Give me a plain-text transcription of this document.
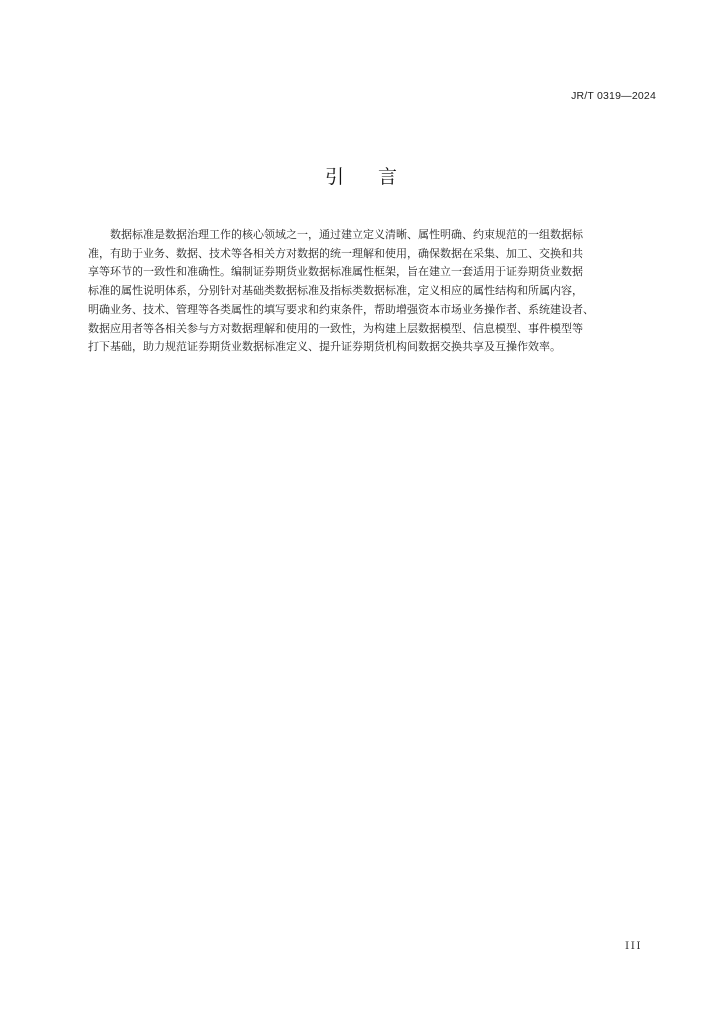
JR/T 0319—2024
引 言
数据标准是数据治理工作的核心领域之一，通过建立定义清晰、属性明确、约束规范的一组数据标
准，有助于业务、数据、技术等各相关方对数据的统一理解和使用，确保数据在采集、加工、交换和共
享等环节的一致性和准确性。编制证券期货业数据标准属性框架，旨在建立一套适用于证券期货业数据
标准的属性说明体系，分别针对基础类数据标准及指标类数据标准，定义相应的属性结构和所属内容，
明确业务、技术、管理等各类属性的填写要求和约束条件，帮助增强资本市场业务操作者、系统建设者、
数据应用者等各相关参与方对数据理解和使用的一致性，为构建上层数据模型、信息模型、事件模型等
打下基础，助力规范证券期货业数据标准定义、提升证券期货机构间数据交换共享及互操作效率。
III
